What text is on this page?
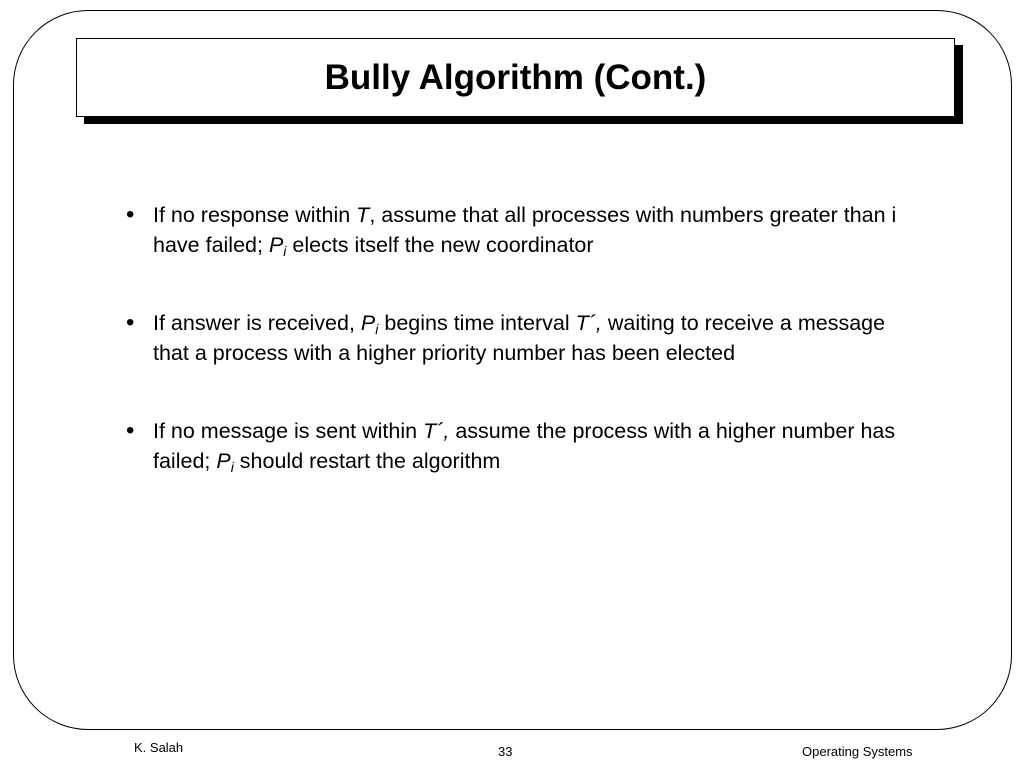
Bully Algorithm (Cont.)
• If no response within T, assume that all processes with numbers greater than i have failed; $P_i$ elects itself the new coordinator
• If answer is received, $P_i$ begins time interval T´, waiting to receive a message that a process with a higher priority number has been elected
• If no message is sent within T´, assume the process with a higher number has failed; $P_i$ should restart the algorithm
K. Salah	33	Operating Systems
